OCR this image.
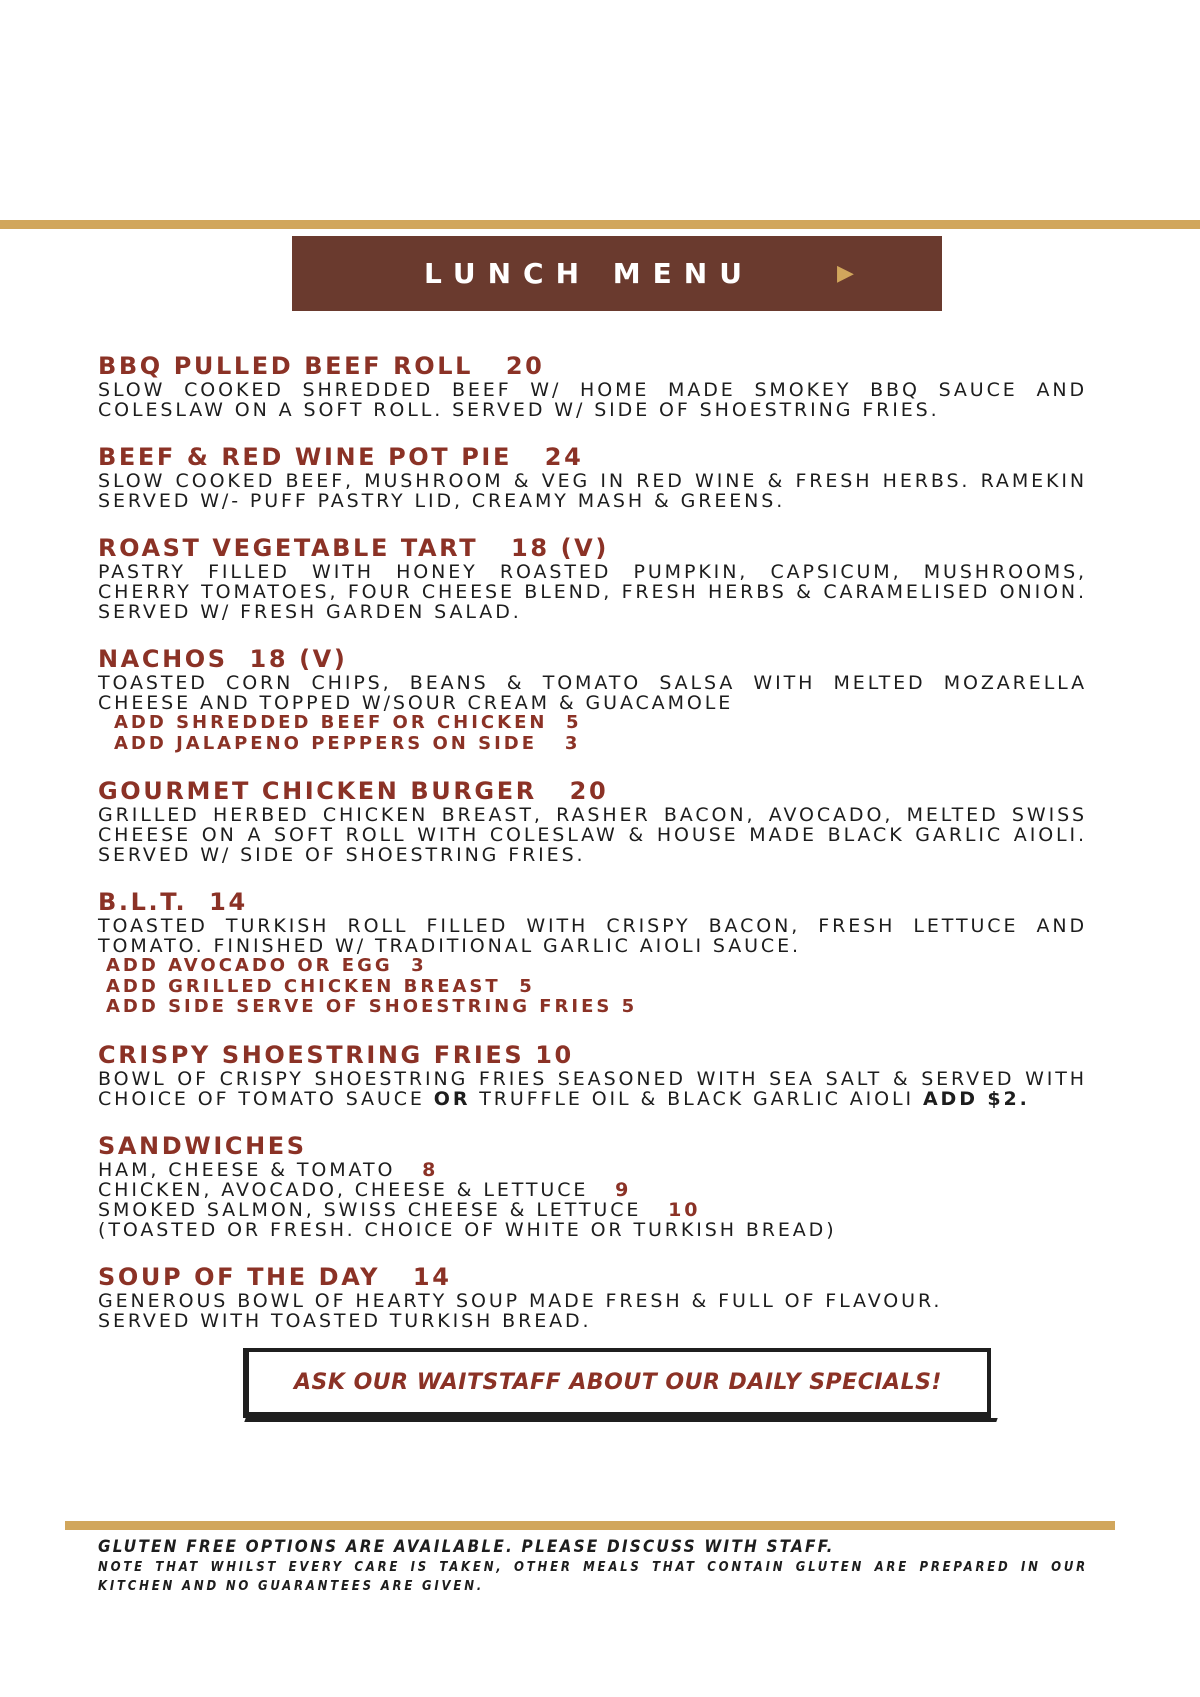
LUNCH MENU	▶

BBQ PULLED BEEF ROLL   20

SLOW COOKED SHREDDED BEEF W/ HOME MADE SMOKEY BBQ SAUCE AND COLESLAW ON A SOFT ROLL. SERVED W/ SIDE OF SHOESTRING FRIES.

BEEF & RED WINE POT PIE   24

SLOW COOKED BEEF, MUSHROOM & VEG IN RED WINE & FRESH HERBS. RAMEKIN SERVED W/- PUFF PASTRY LID, CREAMY MASH & GREENS.

ROAST VEGETABLE TART   18 (V)

PASTRY FILLED WITH HONEY ROASTED PUMPKIN, CAPSICUM, MUSHROOMS, CHERRY TOMATOES, FOUR CHEESE BLEND, FRESH HERBS & CARAMELISED ONION. SERVED W/ FRESH GARDEN SALAD.

NACHOS  18 (V)

TOASTED CORN CHIPS, BEANS & TOMATO SALSA WITH MELTED MOZARELLA CHEESE AND TOPPED W/SOUR CREAM & GUACAMOLE

ADD SHREDDED BEEF OR CHICKEN  5

ADD JALAPENO PEPPERS ON SIDE   3

GOURMET CHICKEN BURGER   20

GRILLED HERBED CHICKEN BREAST, RASHER BACON, AVOCADO, MELTED SWISS CHEESE ON A SOFT ROLL WITH COLESLAW & HOUSE MADE BLACK GARLIC AIOLI. SERVED W/ SIDE OF SHOESTRING FRIES.

B.L.T.  14

TOASTED TURKISH ROLL FILLED WITH CRISPY BACON, FRESH LETTUCE AND TOMATO. FINISHED W/ TRADITIONAL GARLIC AIOLI SAUCE.

ADD AVOCADO OR EGG  3

ADD GRILLED CHICKEN BREAST  5

ADD SIDE SERVE OF SHOESTRING FRIES 5

CRISPY SHOESTRING FRIES 10

BOWL OF CRISPY SHOESTRING FRIES SEASONED WITH SEA SALT & SERVED WITH CHOICE OF TOMATO SAUCE OR TRUFFLE OIL & BLACK GARLIC AIOLI ADD $2.

SANDWICHES

HAM, CHEESE & TOMATO   8

CHICKEN, AVOCADO, CHEESE & LETTUCE   9

SMOKED SALMON, SWISS CHEESE & LETTUCE   10

(TOASTED OR FRESH. CHOICE OF WHITE OR TURKISH BREAD)

SOUP OF THE DAY   14

GENEROUS BOWL OF HEARTY SOUP MADE FRESH & FULL OF FLAVOUR.

SERVED WITH TOASTED TURKISH BREAD.

ASK OUR WAITSTAFF ABOUT OUR DAILY SPECIALS!

GLUTEN FREE OPTIONS ARE AVAILABLE. PLEASE DISCUSS WITH STAFF.

NOTE THAT WHILST EVERY CARE IS TAKEN, OTHER MEALS THAT CONTAIN GLUTEN ARE PREPARED IN OUR KITCHEN AND NO GUARANTEES ARE GIVEN.
